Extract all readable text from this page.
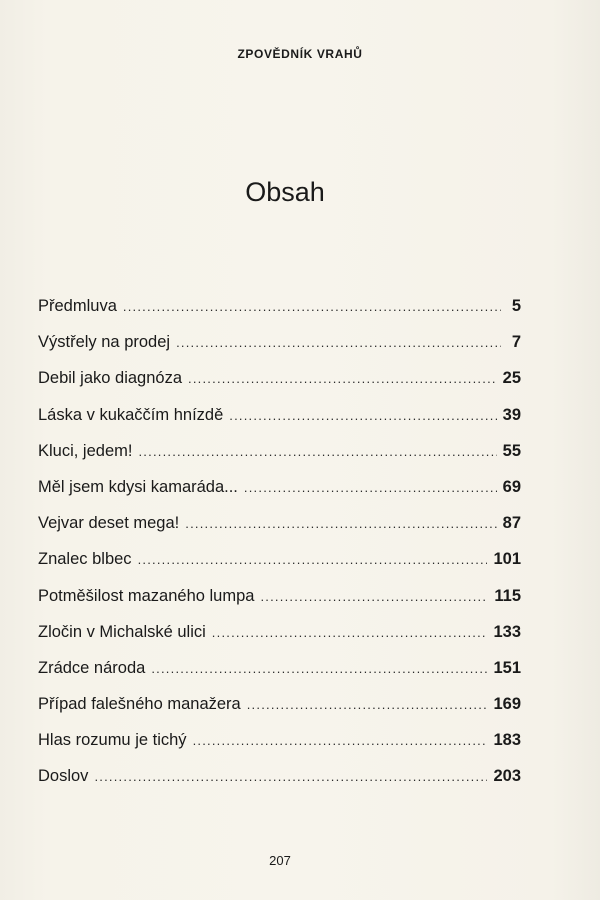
ZPOVĚDNÍK VRAHŮ
Obsah
Předmluva . . .	5
Výstřely na prodej . . .	7
Debil jako diagnóza . . .	25
Láska v kukaččím hnízdě . . .	39
Kluci, jedem! . . .	55
Měl jsem kdysi kamaráda... . . .	69
Vejvar deset mega! . . .	87
Znalec blbec . . .	101
Potměšilost mazaného lumpa . . .	115
Zločin v Michalské ulici . . .	133
Zrádce národa . . .	151
Případ falešného manažera . . .	169
Hlas rozumu je tichý . . .	183
Doslov . . .	203
207
